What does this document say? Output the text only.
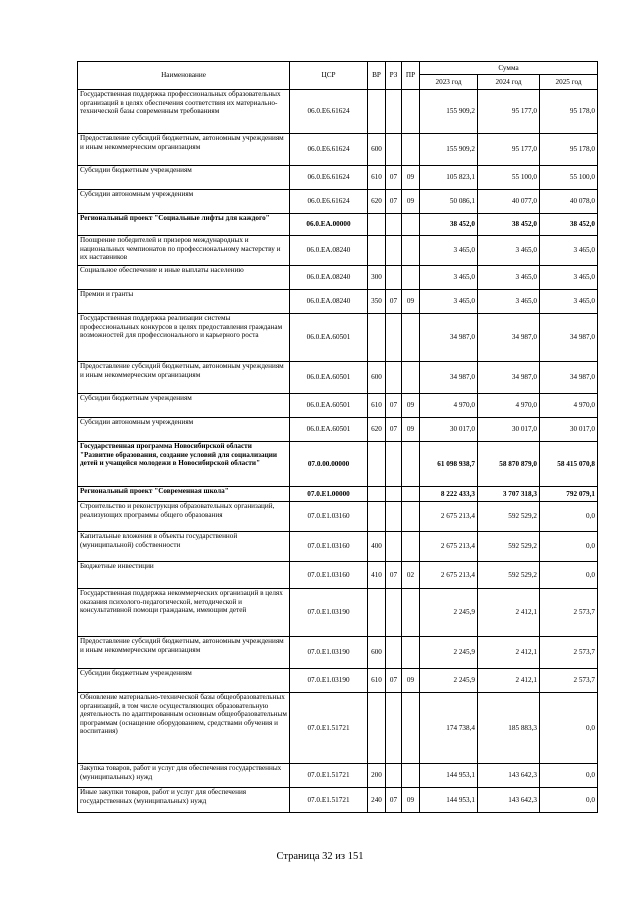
Наименование	ЦСР	ВР	РЗ	ПР	Сумма		
					2023 год	2024 год	2025 год
Государственная поддержка профессиональных образовательных организаций в целях обеспечения соответствия их материально-технической базы современным требованиям	06.0.Е6.61624				155 909,2	95 177,0	95 178,0
Предоставление субсидий бюджетным, автономным учреждениям и иным некоммерческим организациям	06.0.Е6.61624	600			155 909,2	95 177,0	95 178,0
Субсидии бюджетным учреждениям	06.0.Е6.61624	610	07	09	105 823,1	55 100,0	55 100,0
Субсидии автономным учреждениям	06.0.Е6.61624	620	07	09	50 086,1	40 077,0	40 078,0
Региональный проект "Социальные лифты для каждого"	06.0.ЕА.00000				38 452,0	38 452,0	38 452,0
Поощрение победителей и призеров международных и национальных чемпионатов по профессиональному мастерству и их наставников	06.0.ЕА.08240				3 465,0	3 465,0	3 465,0
Социальное обеспечение и иные выплаты населению	06.0.ЕА.08240	300			3 465,0	3 465,0	3 465,0
Премии и гранты	06.0.ЕА.08240	350	07	09	3 465,0	3 465,0	3 465,0
Государственная поддержка реализации системы профессиональных конкурсов в целях предоставления гражданам возможностей для профессионального и карьерного роста	06.0.ЕА.60501				34 987,0	34 987,0	34 987,0
Предоставление субсидий бюджетным, автономным учреждениям и иным некоммерческим организациям	06.0.ЕА.60501	600			34 987,0	34 987,0	34 987,0
Субсидии бюджетным учреждениям	06.0.ЕА.60501	610	07	09	4 970,0	4 970,0	4 970,0
Субсидии автономным учреждениям	06.0.ЕА.60501	620	07	09	30 017,0	30 017,0	30 017,0
Государственная программа Новосибирской области "Развитие образования, создание условий для социализации детей и учащейся молодежи в Новосибирской области"	07.0.00.00000				61 098 938,7	58 870 879,0	58 415 070,8
Региональный проект "Современная школа"	07.0.Е1.00000				8 222 433,3	3 707 318,3	792 079,1
Строительство и реконструкция образовательных организаций, реализующих программы общего образования	07.0.Е1.03160				2 675 213,4	592 529,2	0,0
Капитальные вложения в объекты государственной (муниципальной) собственности	07.0.Е1.03160	400			2 675 213,4	592 529,2	0,0
Бюджетные инвестиции	07.0.Е1.03160	410	07	02	2 675 213,4	592 529,2	0,0
Государственная поддержка некоммерческих организаций в целях оказания психолого-педагогической, методической и консультативной помощи гражданам, имеющим детей	07.0.Е1.03190				2 245,9	2 412,1	2 573,7
Предоставление субсидий бюджетным, автономным учреждениям и иным некоммерческим организациям	07.0.Е1.03190	600			2 245,9	2 412,1	2 573,7
Субсидии бюджетным учреждениям	07.0.Е1.03190	610	07	09	2 245,9	2 412,1	2 573,7
Обновление материально-технической базы общеобразовательных организаций, в том числе осуществляющих образовательную деятельность по адаптированным основным общеобразовательным программам (оснащение оборудованием, средствами обучения и воспитания)	07.0.Е1.51721				174 738,4	185 883,3	0,0
Закупка товаров, работ и услуг для обеспечения государственных (муниципальных) нужд	07.0.Е1.51721	200			144 953,1	143 642,3	0,0
Иные закупки товаров, работ и услуг для обеспечения государственных (муниципальных) нужд	07.0.Е1.51721	240	07	09	144 953,1	143 642,3	0,0
Страница 32 из 151
